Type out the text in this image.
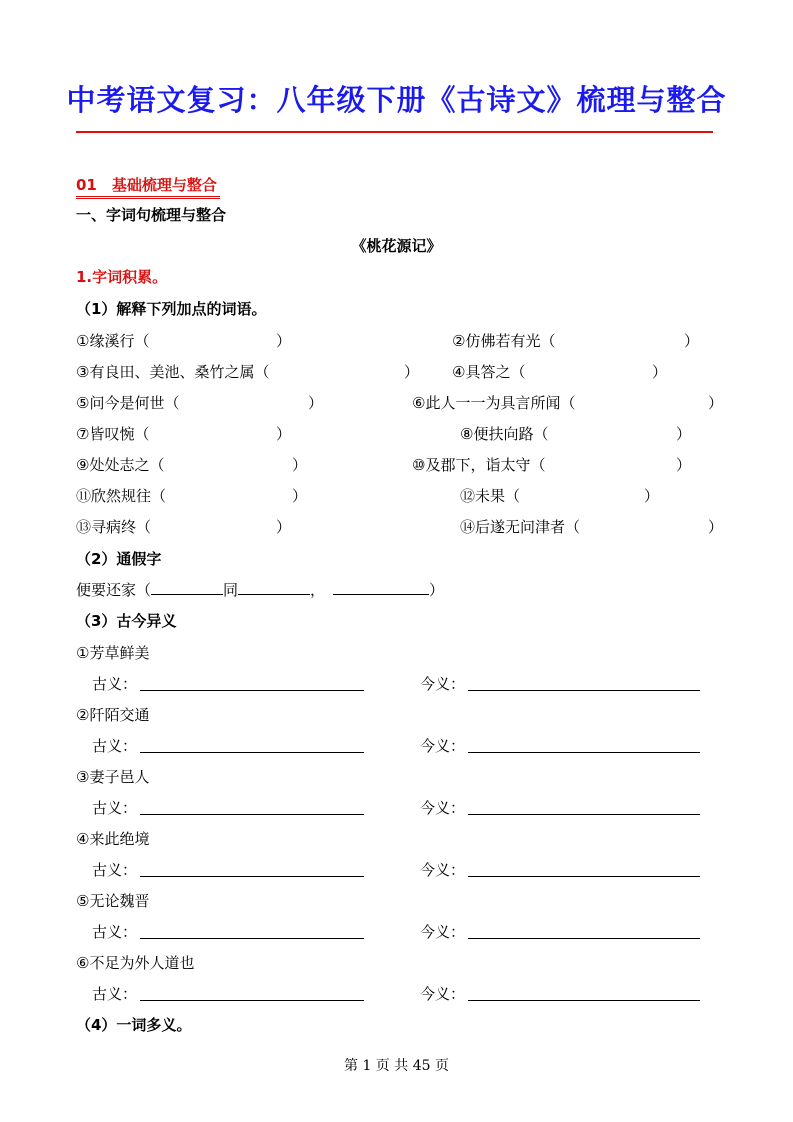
中考语文复习：八年级下册《古诗文》梳理与整合
01　基础梳理与整合
一、字词句梳理与整合
《桃花源记》
1.字词积累。
（1）解释下列加点的词语。
①缘溪行（	）	②仿佛若有光（	）
③有良田、美池、桑竹之属（	） ④具答之（	）
⑤问今是何世（	）	⑥此人一一为具言所闻（	）
⑦皆叹惋（	）	⑧便扶向路（	）
⑨处处志之（	）	⑩及郡下，诣太守（	）
⑪欣然规往（	）	⑫未果（	）
⑬寻病终（	）	⑭后遂无问津者（	）
（2）通假字
便要还家（	同	，	）
（3）古今异义
①芳草鲜美
古义：	今义：
②阡陌交通
古义：	今义：
③妻子邑人
古义：	今义：
④来此绝境
古义：	今义：
⑤无论魏晋
古义：	今义：
⑥不足为外人道也
古义：	今义：
（4）一词多义。
第 1 页 共 45 页
